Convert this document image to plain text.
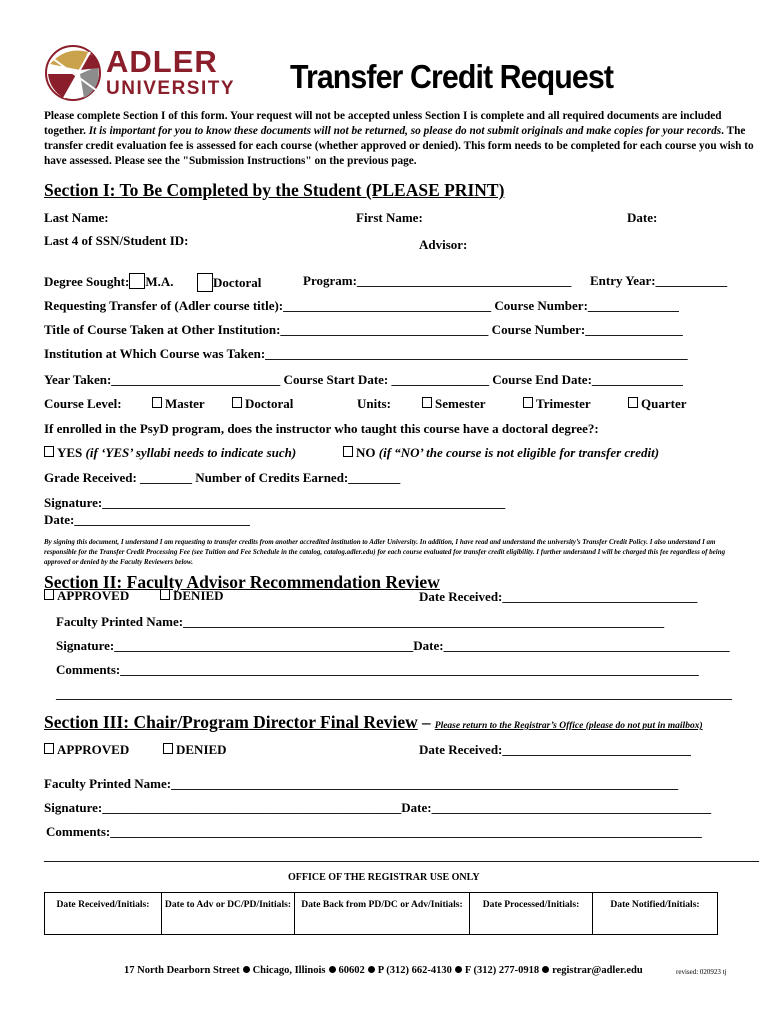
ADLER
UNIVERSITY Transfer Credit Request
Please complete Section I of this form. Your request will not be accepted unless Section I is complete and all required documents are included together. It is important for you to know these documents will not be returned, so please do not submit originals and make copies for your records. The transfer credit evaluation fee is assessed for each course (whether approved or denied). This form needs to be completed for each course you wish to have assessed. Please see the "Submission Instructions" on the previous page.
Section I: To Be Completed by the Student (PLEASE PRINT)
Last Name:	First Name:	Date:
Last 4 of SSN/Student ID:	Advisor:
Degree Sought: M.A.	Doctoral	Program:_________________________________ Entry Year:___________
Requesting Transfer of (Adler course title):________________________________ Course Number:______________
Title of Course Taken at Other Institution:________________________________ Course Number:_______________
Institution at Which Course was Taken:_________________________________________________________________
Year Taken:__________________________ Course Start Date: _______________ Course End Date:______________
Course Level:	Master	Doctoral	Units:	Semester	Trimester	Quarter
If enrolled in the PsyD program, does the instructor who taught this course have a doctoral degree?:
YES (if ‘YES’ syllabi needs to indicate such)	NO (if “NO’ the course is not eligible for transfer credit)
Grade Received: ________ Number of Credits Earned:________
Signature:______________________________________________________________
Date:___________________________
By signing this document, I understand I am requesting to transfer credits from another accredited institution to Adler University. In addition, I have read and understand the university’s Transfer Credit Policy. I also understand I am responsible for the Transfer Credit Processing Fee (see Tuition and Fee Schedule in the catalog, catalog.adler.edu) for each course evaluated for transfer credit eligibility. I further understand I will be charged this fee regardless of being approved or denied by the Faculty Reviewers below.
Section II: Faculty Advisor Recommendation Review
APPROVED	DENIED	Date Received:______________________________
Faculty Printed Name:__________________________________________________________________________
Signature:______________________________________________Date:____________________________________________
Comments:_________________________________________________________________________________________
________________________________________________________________________________________________________
Section III: Chair/Program Director Final Review – Please return to the Registrar’s Office (please do not put in mailbox)
APPROVED	DENIED	Date Received:_____________________________
Faculty Printed Name:______________________________________________________________________________
Signature:______________________________________________Date:___________________________________________
Comments:___________________________________________________________________________________________
______________________________________________________________________________________________________________
OFFICE OF THE REGISTRAR USE ONLY
Date Received/Initials:	Date to Adv or DC/PD/Initials:	Date Back from PD/DC or Adv/Initials:	Date Processed/Initials:	Date Notified/Initials:
17 North Dearborn Street Chicago, Illinois 60602 P (312) 662-4130 F (312) 277-0918 registrar@adler.edu	revised: 020923 tj
